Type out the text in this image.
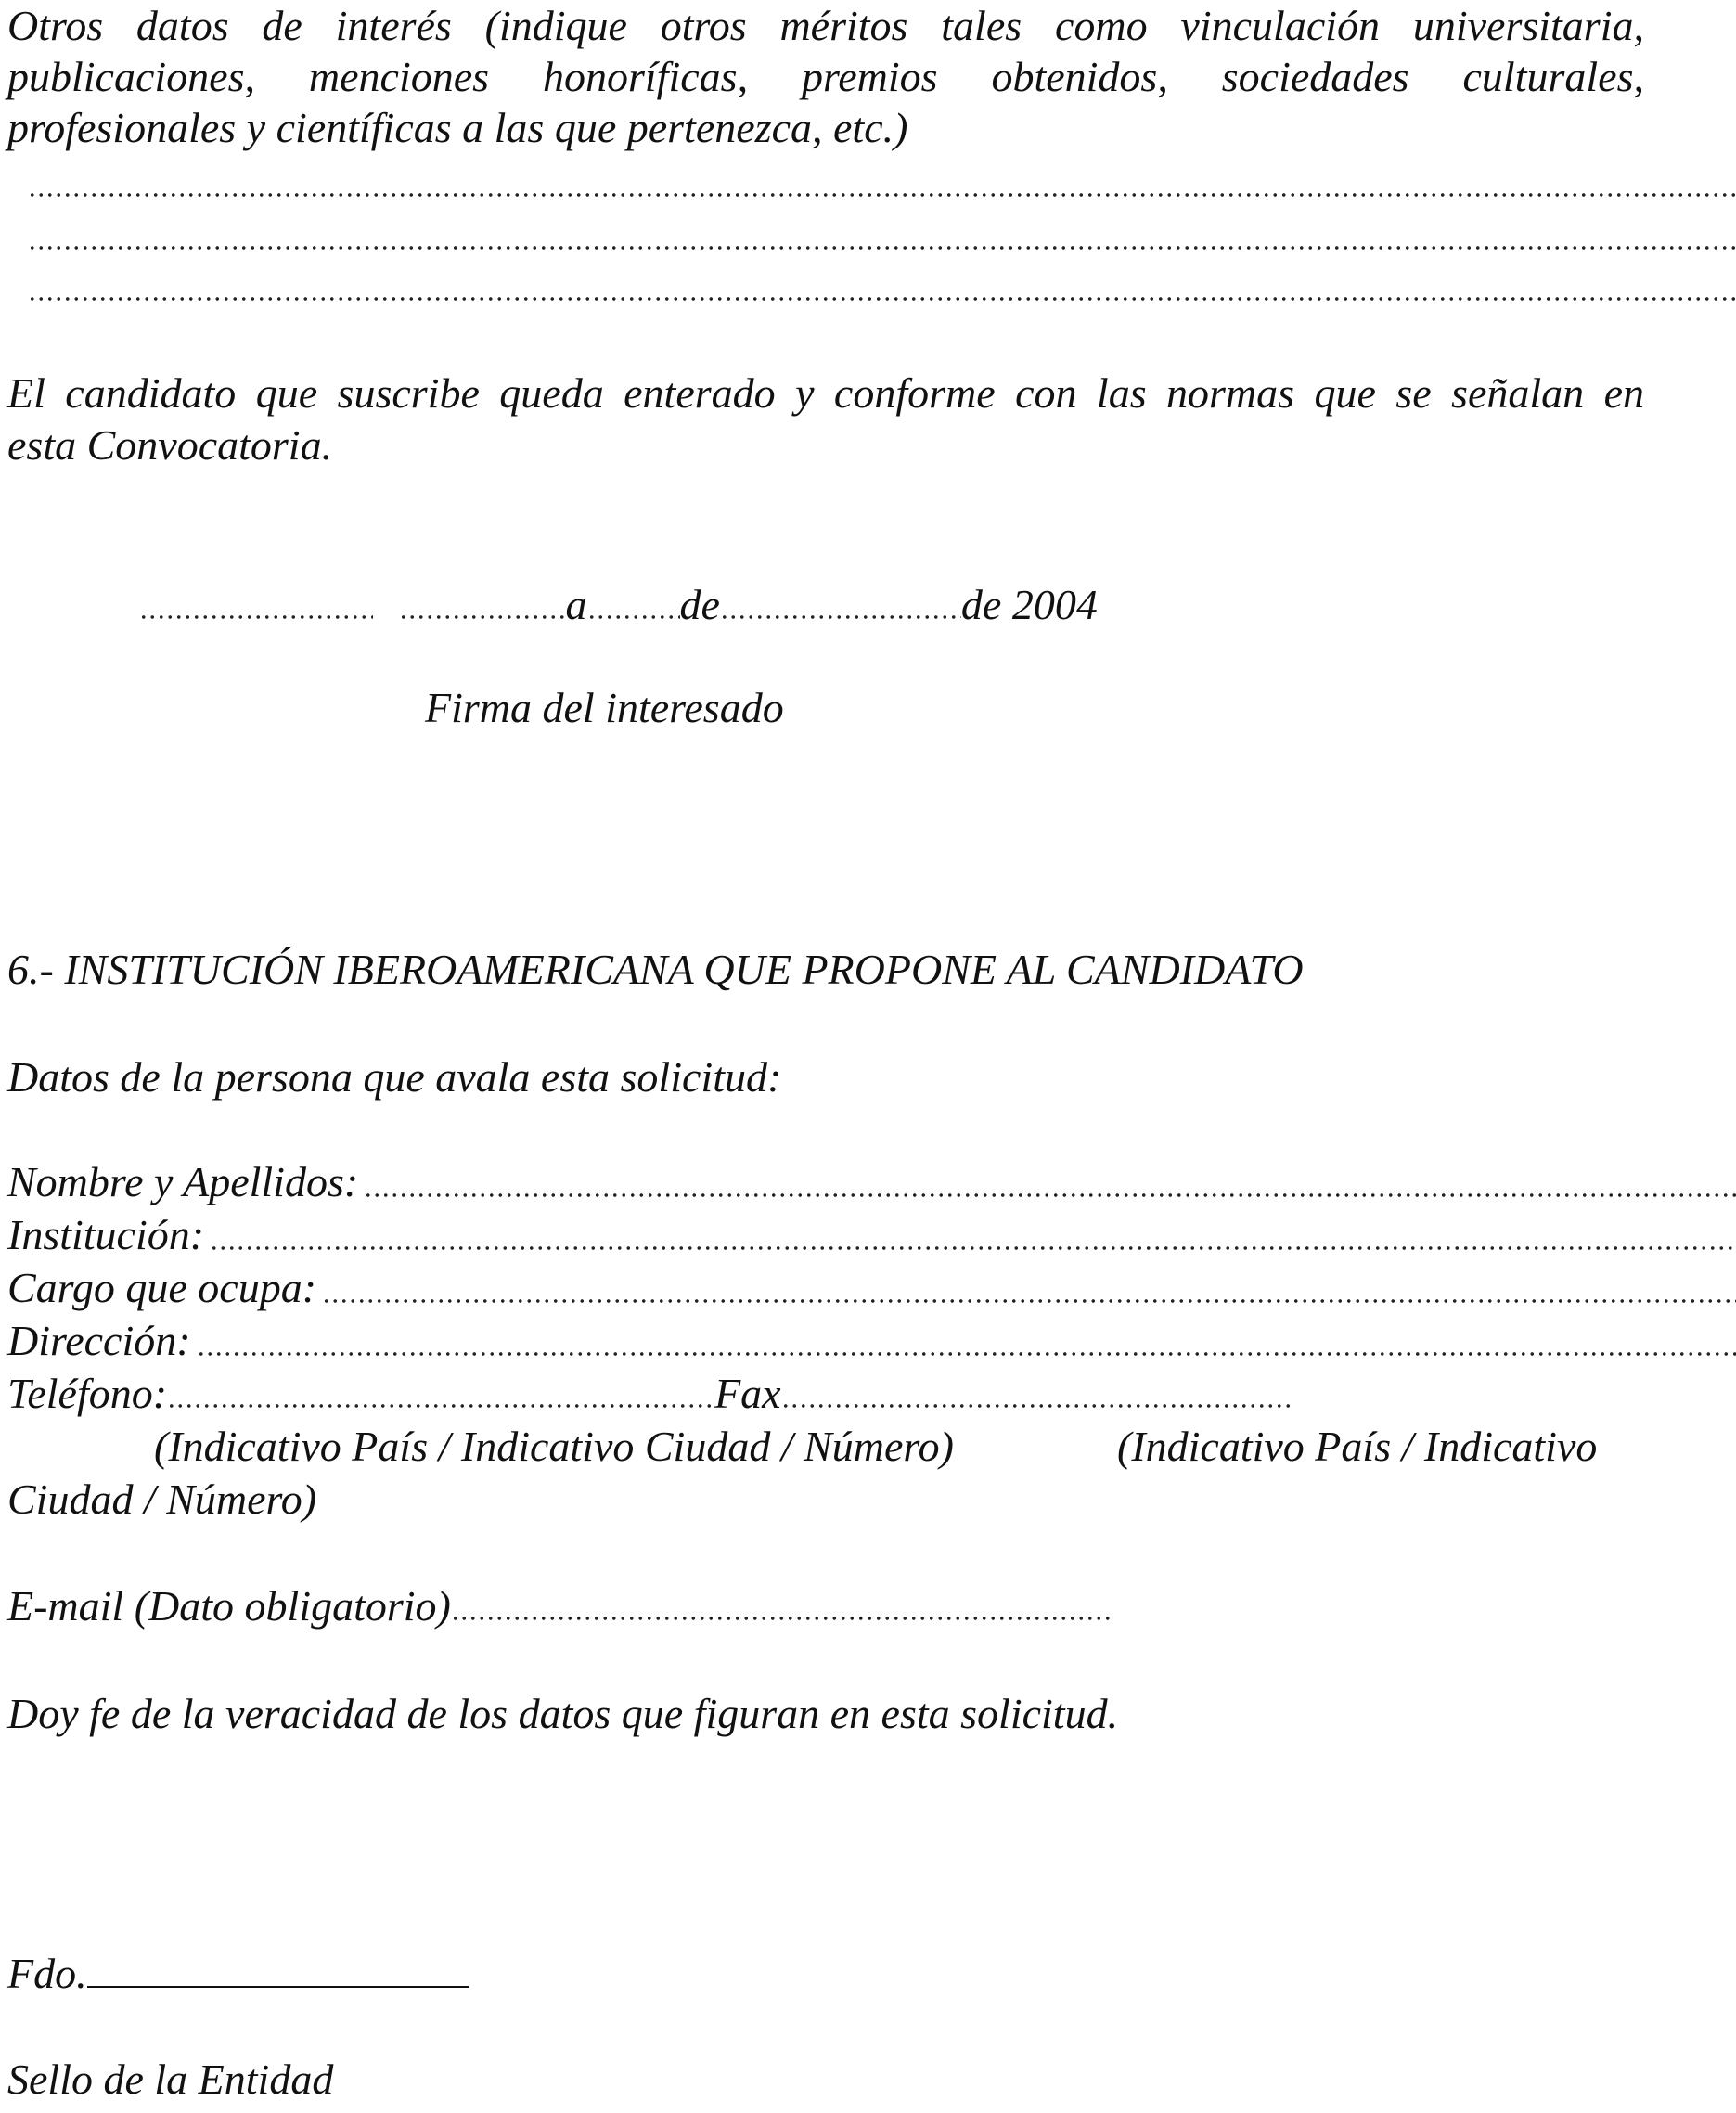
Otros datos de interés (indique otros méritos tales como vinculación universitaria,
publicaciones, menciones honoríficas, premios obtenidos, sociedades culturales,
profesionales y científicas a las que pertenezca, etc.)
El candidato que suscribe queda enterado y conforme con las normas que se señalan en
esta Convocatoria.
a de	de 2004
Firma del interesado
6.- INSTITUCIÓN IBEROAMERICANA QUE PROPONE AL CANDIDATO
Datos de la persona que avala esta solicitud:
Nombre y Apellidos:
Institución:
Cargo que ocupa:
Dirección:
Teléfono:	Fax
(Indicativo País / Indicativo Ciudad / Número)	(Indicativo País / Indicativo
Ciudad / Número)
E-mail (Dato obligatorio)
Doy fe de la veracidad de los datos que figuran en esta solicitud.
Fdo.
Sello de la Entidad
